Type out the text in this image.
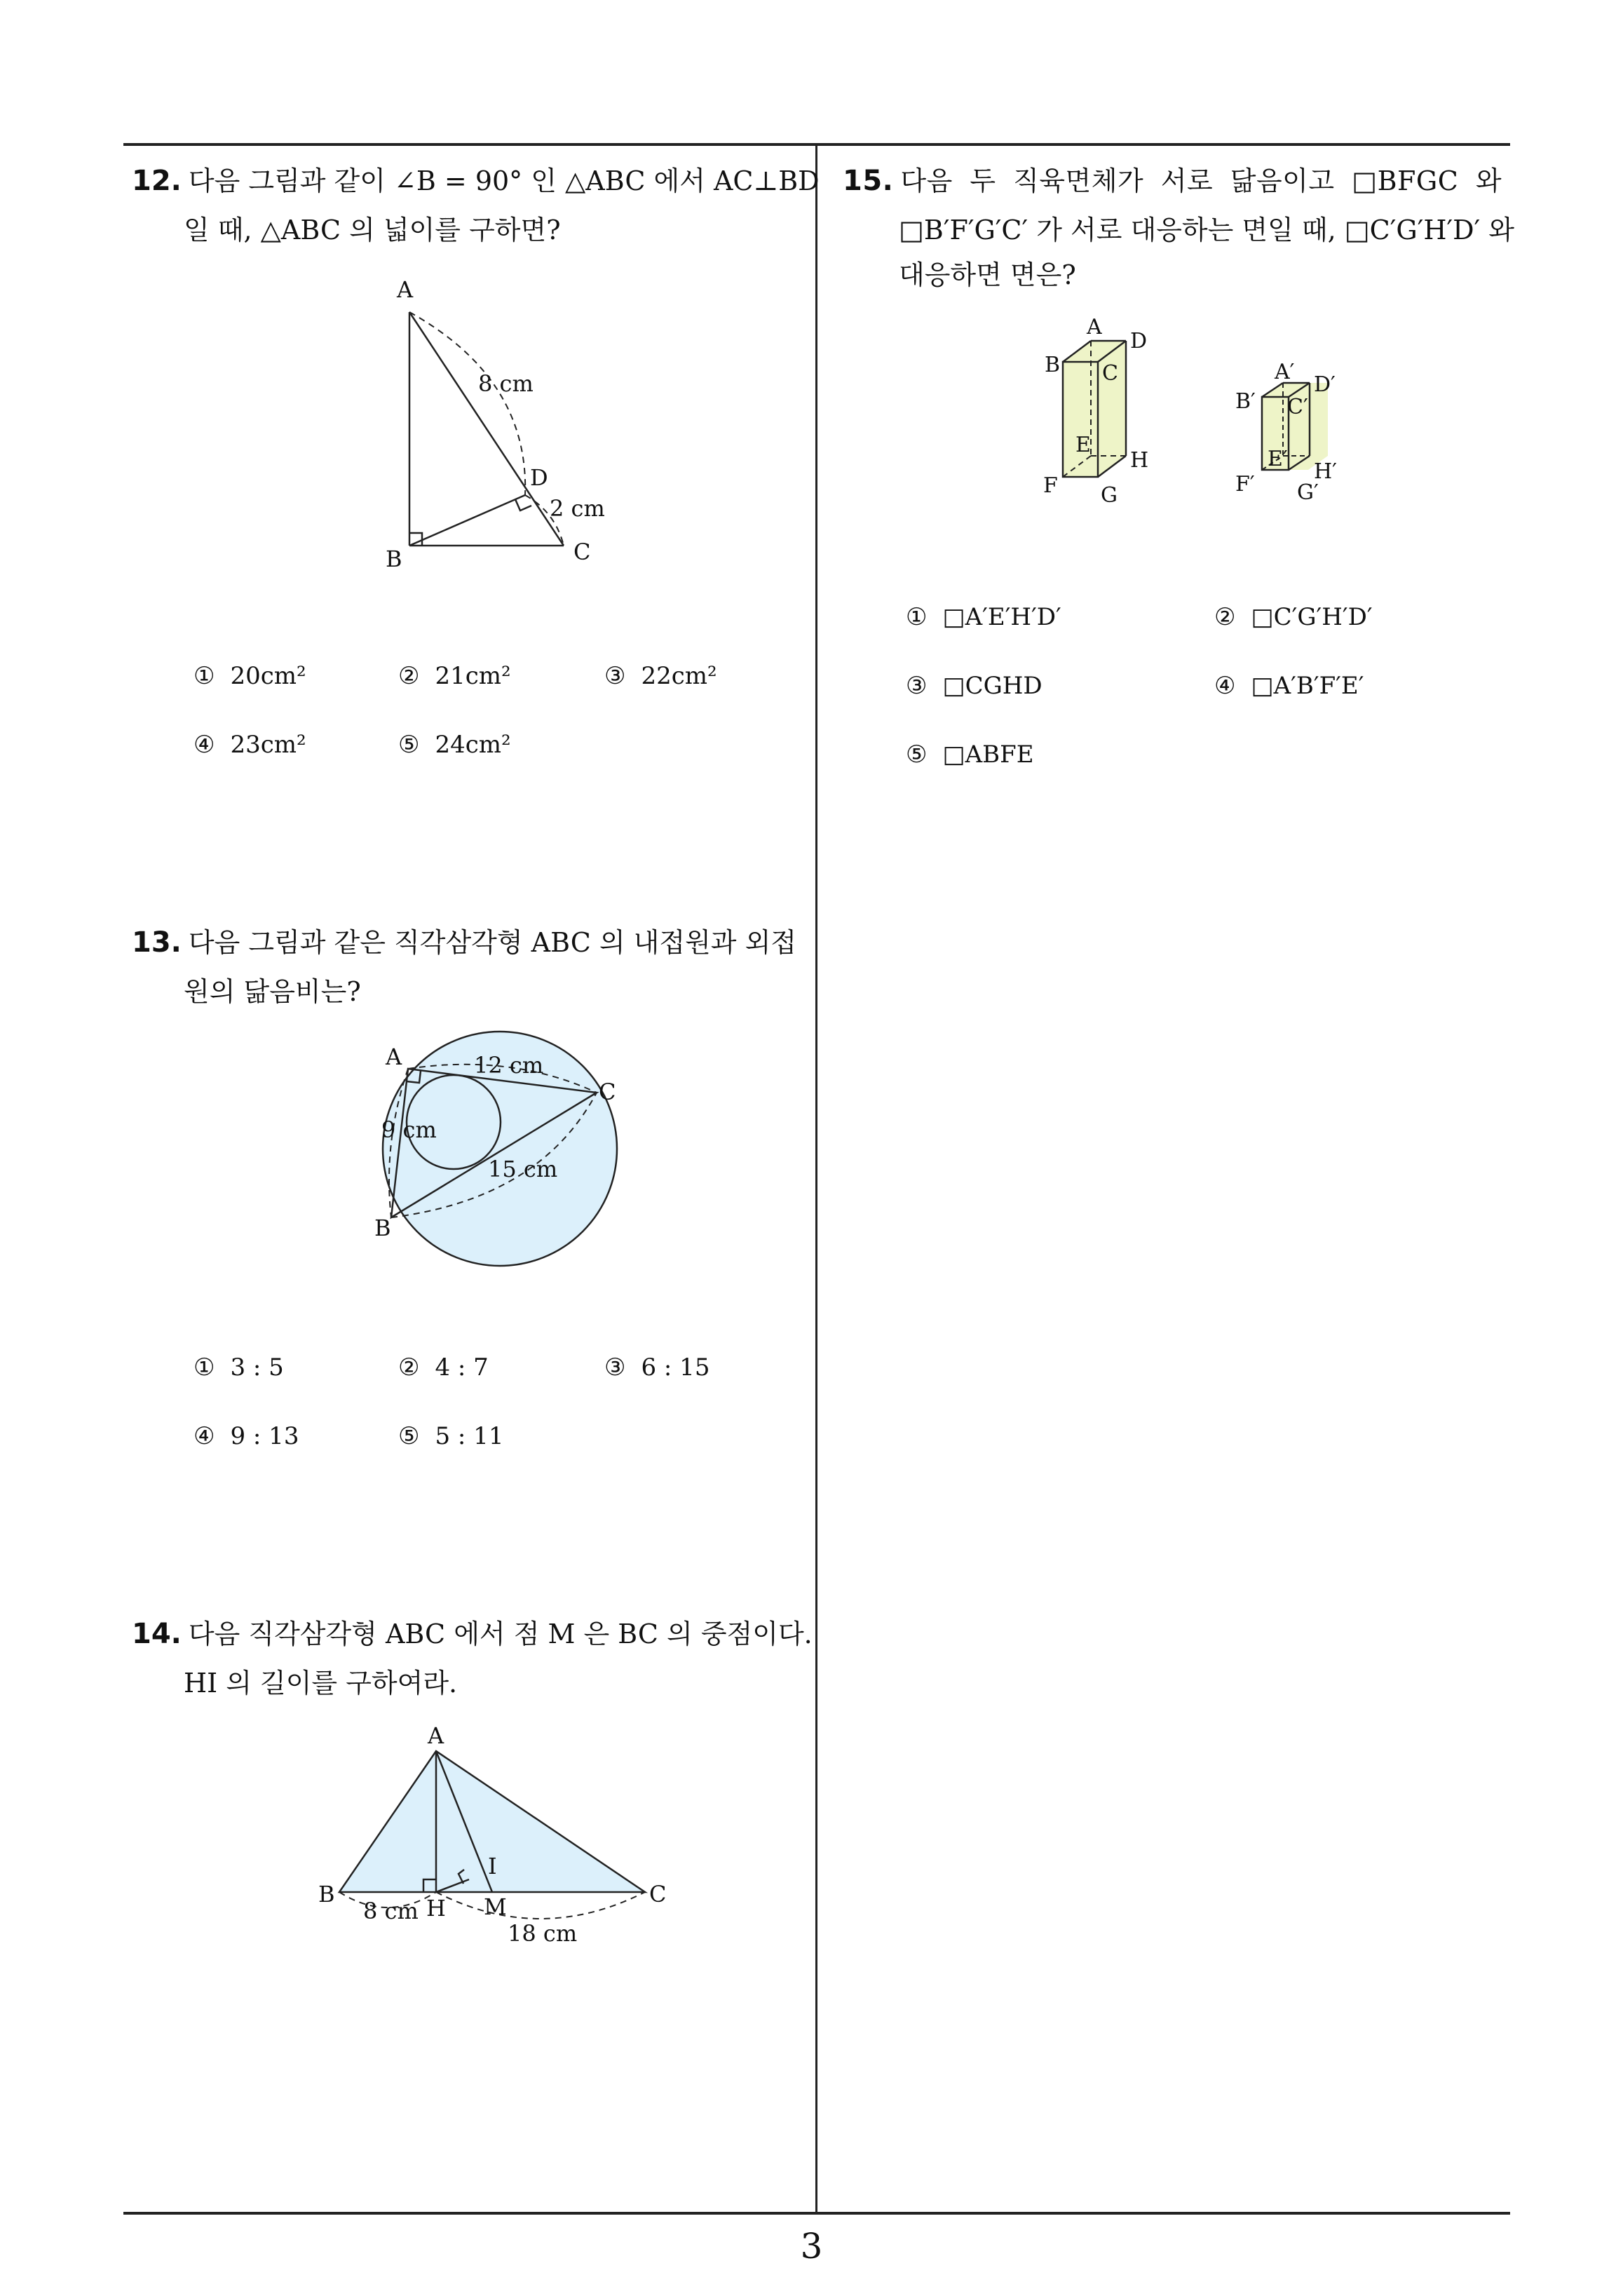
3
12. 다음 그림과 같이 ∠B = 90° 인 △ABC 에서 AC⊥BD
일 때, △ABC 의 넓이를 구하면?
A
B	C
D
8 cm
2 cm
① 20cm²	② 21cm²	③ 22cm²
④ 23cm²	⑤ 24cm²
13. 다음 그림과 같은 직각삼각형 ABC 의 내접원과 외접
원의 닮음비는?
A
B
C
12 cm
9 cm
15 cm
① 3 : 5	② 4 : 7	③ 6 : 15
④ 9 : 13	⑤ 5 : 11
14. 다음 직각삼각형 ABC 에서 점 M 은 BC 의 중점이다.
HI 의 길이를 구하여라.
A
B	C
H M
I
8 cm
18 cm
15. 다음 두 직육면체가 서로 닮음이고 □BFGC 와
□B′F′G′C′ 가 서로 대응하는 면일 때, □C′G′H′D′ 와
대응하면 면은?
A
B C
D
E
F G
H
A′
B′ C′
D′
E′
F′ G′
H′
① □A′E′H′D′	② □C′G′H′D′
③ □CGHD	④ □A′B′F′E′
⑤ □ABFE
